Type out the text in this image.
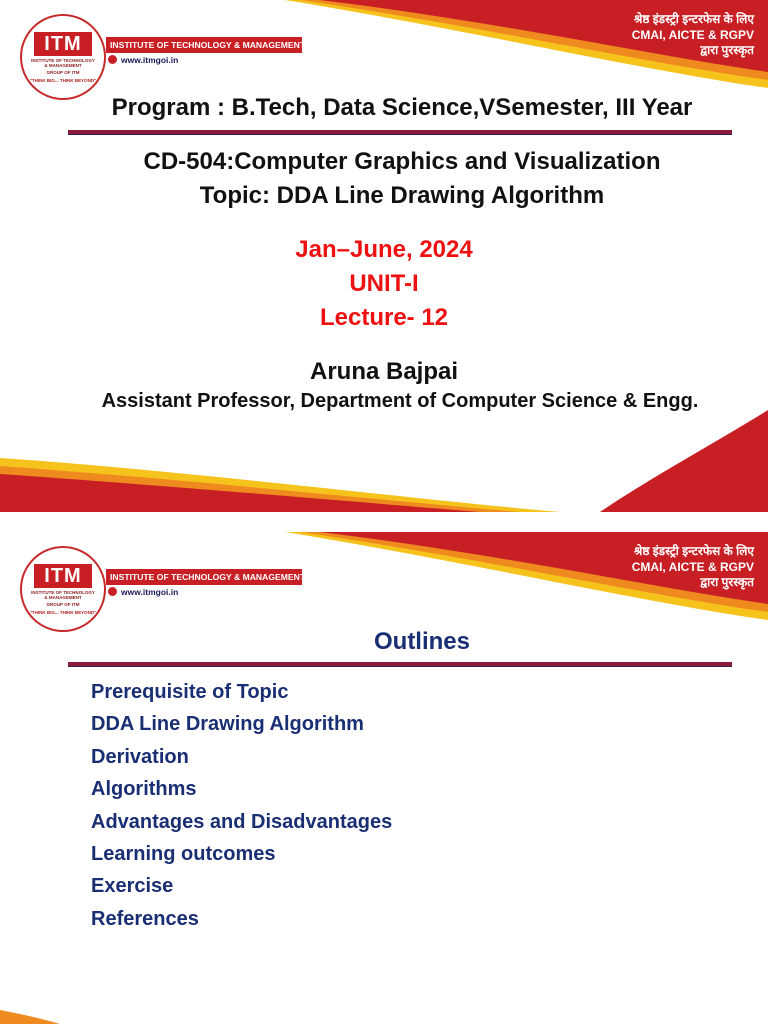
ITM
INSTITUTE OF TECHNOLOGY & MANAGEMENT
GROUP OF ITM
"THINK BIG... THINK BEYOND"
INSTITUTE OF TECHNOLOGY & MANAGEMENT
www.itmgoi.in
श्रेष्ठ इंडस्ट्री इन्टरफेस के लिए
CMAI, AICTE & RGPV
द्वारा पुरस्कृत
Program : B.Tech, Data Science,VSemester, III Year
CD-504:Computer Graphics and Visualization
Topic: DDA Line Drawing Algorithm
Jan–June, 2024
UNIT-I
Lecture- 12
Aruna Bajpai
Assistant Professor, Department of Computer Science & Engg.
ITM
INSTITUTE OF TECHNOLOGY & MANAGEMENT
GROUP OF ITM
"THINK BIG... THINK BEYOND"
INSTITUTE OF TECHNOLOGY & MANAGEMENT
www.itmgoi.in
श्रेष्ठ इंडस्ट्री इन्टरफेस के लिए
CMAI, AICTE & RGPV
द्वारा पुरस्कृत
Outlines
Prerequisite of Topic
DDA Line Drawing Algorithm
Derivation
Algorithms
Advantages and Disadvantages
Learning outcomes
Exercise
References
